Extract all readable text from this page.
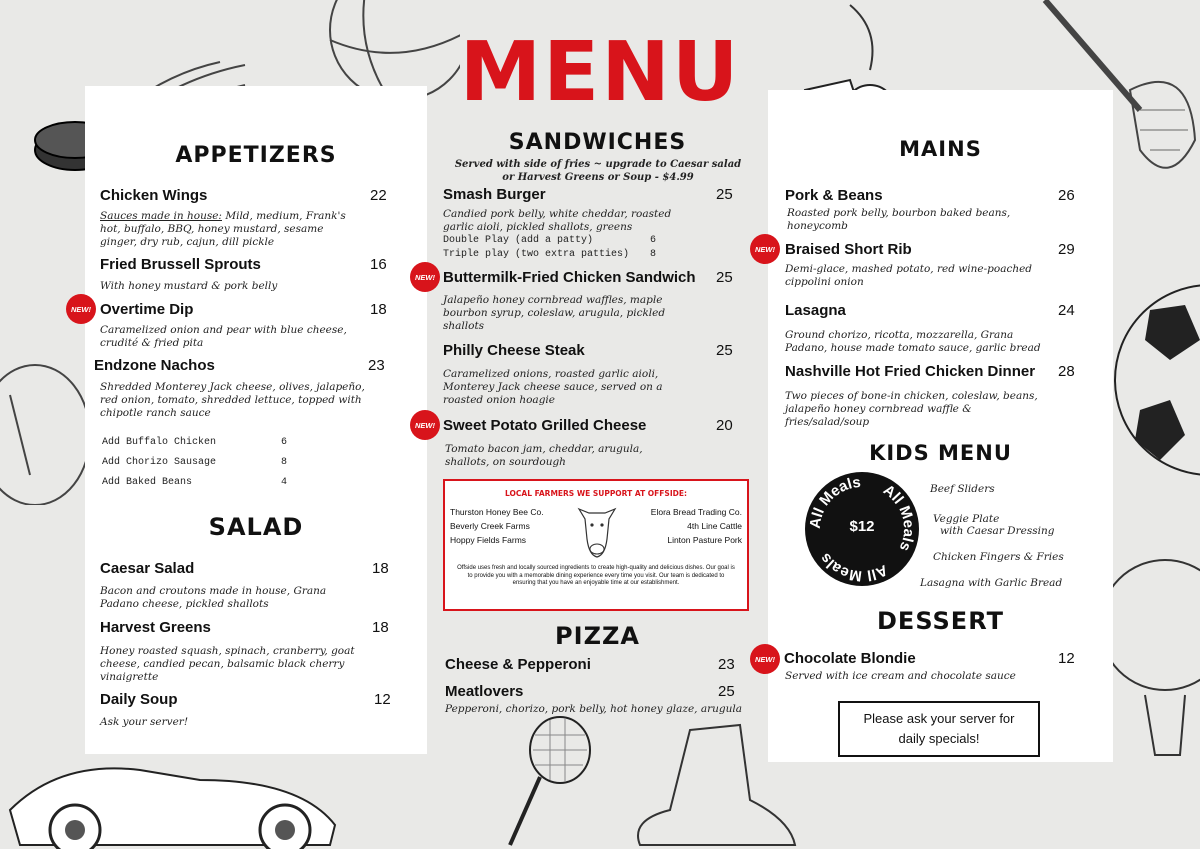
MENU
APPETIZERS
Chicken Wings	22
Sauces made in house: Mild, medium, Frank's hot, buffalo, BBQ, honey mustard, sesame ginger, dry rub, cajun, dill pickle
Fried Brussell Sprouts	16
With honey mustard & pork belly
NEW! Overtime Dip	18
Caramelized onion and pear with blue cheese, crudité & fried pita
Endzone Nachos	23
Shredded Monterey Jack cheese, olives, jalapeño, red onion, tomato, shredded lettuce, topped with chipotle ranch sauce
Add Buffalo Chicken	6
Add Chorizo Sausage	8
Add Baked Beans	4
SALAD
Caesar Salad	18
Bacon and croutons made in house, Grana Padano cheese, pickled shallots
Harvest Greens	18
Honey roasted squash, spinach, cranberry, goat cheese, candied pecan, balsamic black cherry vinaigrette
Daily Soup	12
Ask your server!
SANDWICHES
Served with side of fries ~ upgrade to Caesar salad or Harvest Greens or Soup - $4.99
Smash Burger	25
Candied pork belly, white cheddar, roasted garlic aioli, pickled shallots, greens
Double Play (add a patty)	6
Triple play (two extra patties) 8
NEW! Buttermilk-Fried Chicken Sandwich 25
Jalapeño honey cornbread waffles, maple bourbon syrup, coleslaw, arugula, pickled shallots
Philly Cheese Steak	25
Caramelized onions, roasted garlic aioli, Monterey Jack cheese sauce, served on a roasted onion hoagie
NEW! Sweet Potato Grilled Cheese	20
Tomato bacon jam, cheddar, arugula, shallots, on sourdough
LOCAL FARMERS WE SUPPORT AT OFFSIDE:
Thurston Honey Bee Co.
Beverly Creek Farms
Hoppy Fields Farms
Elora Bread Trading Co.
4th Line Cattle
Linton Pasture Pork
Offside uses fresh and locally sourced ingredients to create high-quality and delicious dishes. Our goal is to provide you with a memorable dining experience every time you visit. Our team is dedicated to ensuring that you have an enjoyable time at our establishment.
PIZZA
Cheese & Pepperoni	23
Meatlovers	25
Pepperoni, chorizo, pork belly, hot honey glaze, arugula
MAINS
Pork & Beans	26
Roasted pork belly, bourbon baked beans, honeycomb
NEW! Braised Short Rib	29
Demi-glace, mashed potato, red wine-poached cippolini onion
Lasagna	24
Ground chorizo, ricotta, mozzarella, Grana Padano, house made tomato sauce, garlic bread
Nashville Hot Fried Chicken Dinner 28
Two pieces of bone-in chicken, coleslaw, beans, jalapeño honey cornbread waffle & fries/salad/soup
KIDS MENU
All Meals All Meals
All Meals
$12
Beef Sliders
Veggie Plate
with Caesar Dressing
Chicken Fingers & Fries
Lasagna with Garlic Bread
DESSERT
NEW! Chocolate Blondie	12
Served with ice cream and chocolate sauce
Please ask your server for
daily specials!
